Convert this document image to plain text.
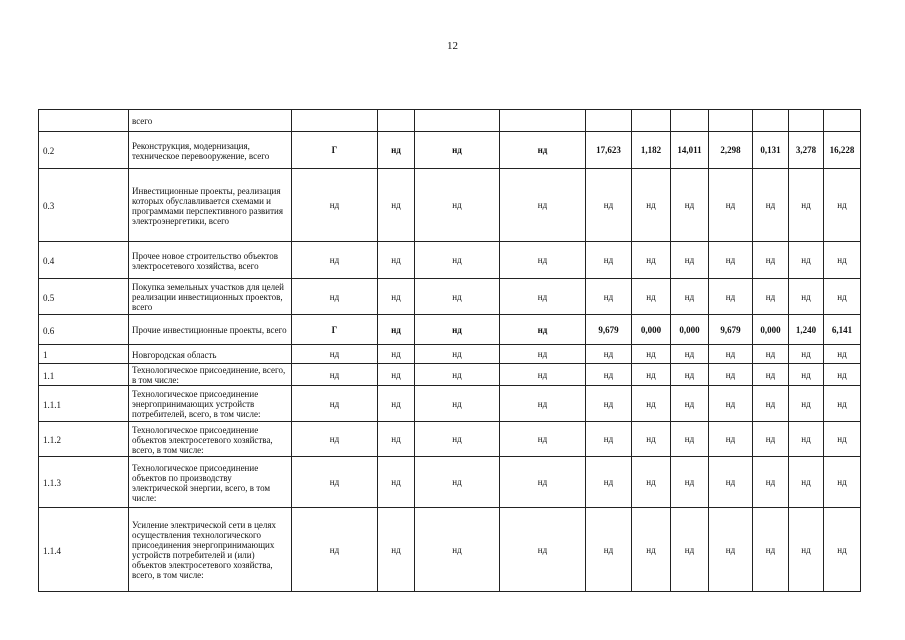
12
	всего											
0.2	Реконструкция, модернизация, техническое перевооружение, всего	Г	нд	нд	нд	17,623	1,182	14,011	2,298	0,131	3,278	16,228
0.3	Инвестиционные проекты, реализация которых обуславливается схемами и программами перспективного развития электроэнергетики, всего	нд	нд	нд	нд	нд	нд	нд	нд	нд	нд	нд
0.4	Прочее новое строительство объектов электросетевого хозяйства, всего	нд	нд	нд	нд	нд	нд	нд	нд	нд	нд	нд
0.5	Покупка земельных участков для целей реализации инвестиционных проектов, всего	нд	нд	нд	нд	нд	нд	нд	нд	нд	нд	нд
0.6	Прочие инвестиционные проекты, всего	Г	нд	нд	нд	9,679	0,000	0,000	9,679	0,000	1,240	6,141
1	Новгородская область	нд	нд	нд	нд	нд	нд	нд	нд	нд	нд	нд
1.1	Технологическое присоединение, всего, в том числе:	нд	нд	нд	нд	нд	нд	нд	нд	нд	нд	нд
1.1.1	Технологическое присоединение энергопринимающих устройств потребителей, всего, в том числе:	нд	нд	нд	нд	нд	нд	нд	нд	нд	нд	нд
1.1.2	Технологическое присоединение объектов электросетевого хозяйства, всего, в том числе:	нд	нд	нд	нд	нд	нд	нд	нд	нд	нд	нд
1.1.3	Технологическое присоединение объектов по производству электрической энергии, всего, в том числе:	нд	нд	нд	нд	нд	нд	нд	нд	нд	нд	нд
1.1.4	Усиление электрической сети в целях осуществления технологического присоединения энергопринимающих устройств потребителей и (или) объектов электросетевого хозяйства, всего, в том числе:	нд	нд	нд	нд	нд	нд	нд	нд	нд	нд	нд
